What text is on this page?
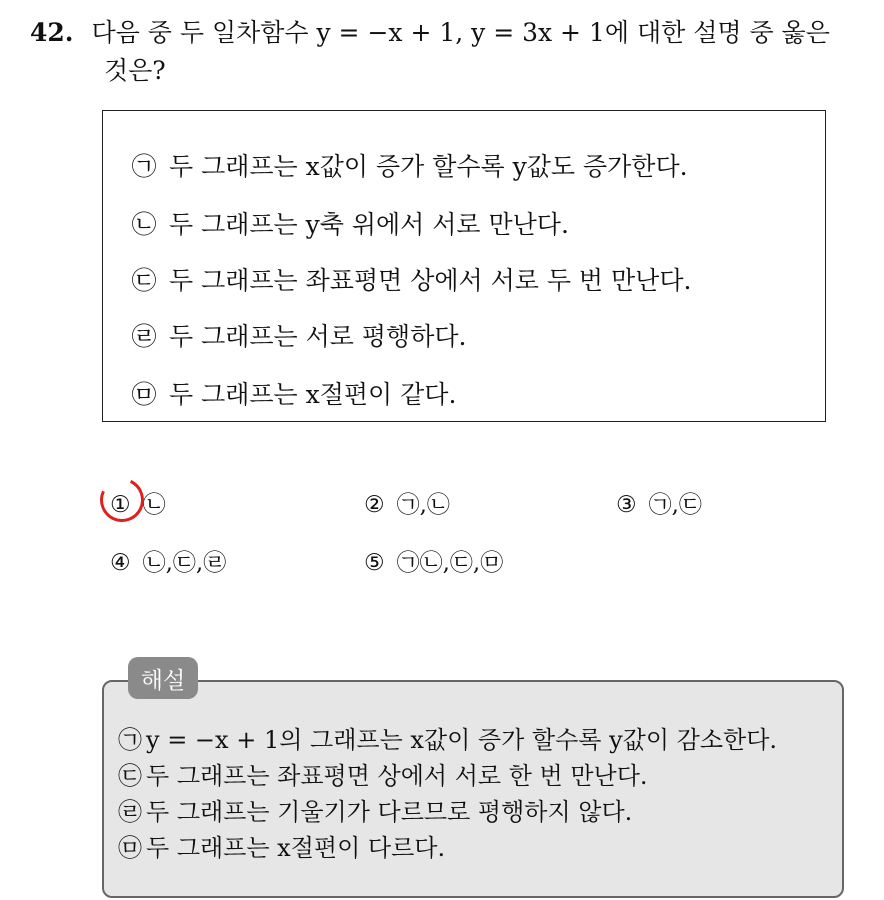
42. 다음 중 두 일차함수 y = −x + 1, y = 3x + 1에 대한 설명 중 옳은
것은?
㉠ 두 그래프는 x값이 증가 할수록 y값도 증가한다.
㉡ 두 그래프는 y축 위에서 서로 만난다.
㉢ 두 그래프는 좌표평면 상에서 서로 두 번 만난다.
㉣ 두 그래프는 서로 평행하다.
㉤ 두 그래프는 x절편이 같다.
① ㉡	② ㉠,㉡	③ ㉠,㉢
④ ㉡,㉢,㉣	⑤ ㉠㉡,㉢,㉤
㉠ y = −x + 1의 그래프는 x값이 증가 할수록 y값이 감소한다.
㉢ 두 그래프는 좌표평면 상에서 서로 한 번 만난다.
㉣ 두 그래프는 기울기가 다르므로 평행하지 않다.
㉤ 두 그래프는 x절편이 다르다.
해설
